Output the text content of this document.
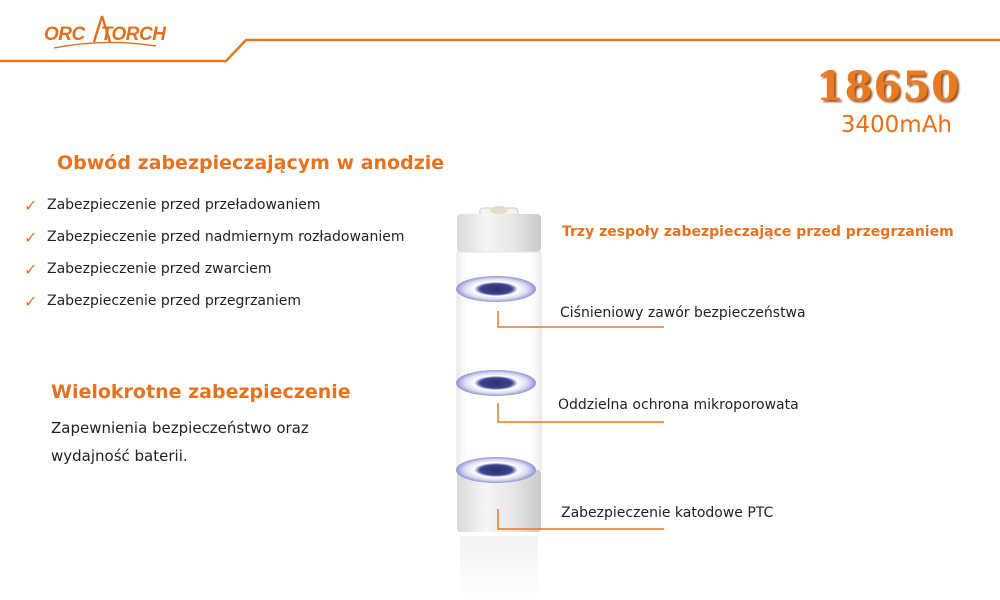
ORC TORCH
18650
3400mAh
Obwód zabezpieczającym w anodzie
✓ Zabezpieczenie przed przeładowaniem
✓ Zabezpieczenie przed nadmiernym rozładowaniem
✓ Zabezpieczenie przed zwarciem
✓ Zabezpieczenie przed przegrzaniem
Wielokrotne zabezpieczenie
Zapewnienia bezpieczeństwo oraz
wydajność baterii.
Trzy zespoły zabezpieczające przed przegrzaniem
Ciśnieniowy zawór bezpieczeństwa
Oddzielna ochrona mikroporowata
Zabezpieczenie katodowe PTC
